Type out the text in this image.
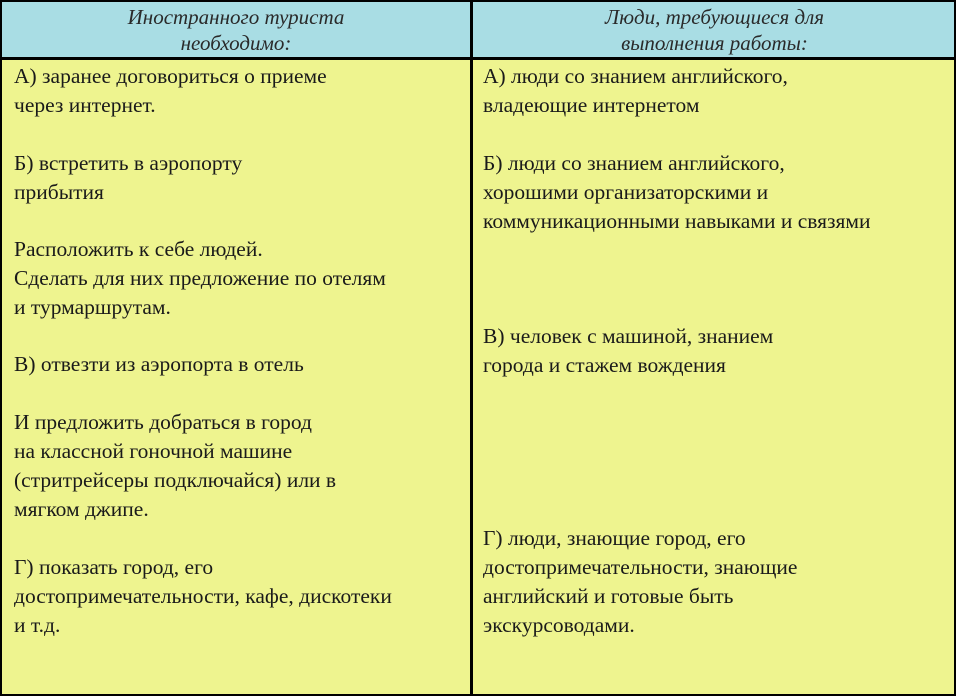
Иностранного туриста
необходимо:
Люди, требующиеся для
выполнения работы:

А) заранее договориться о приеме
через интернет.

Б) встретить в аэропорту
прибытия

Расположить к себе людей.
Сделать для них предложение по отелям
и турмаршрутам.

В) отвезти из аэропорта в отель

И предложить добраться в город
на классной гоночной машине
(стритрейсеры подключайся) или в
мягком джипе.

Г) показать город, его
достопримечательности, кафе, дискотеки
и т.д.

А) люди со знанием английского,
владеющие интернетом

Б) люди со знанием английского,
хорошими организаторскими и
коммуникационными навыками и связями

В) человек с машиной, знанием
города и стажем вождения

Г) люди, знающие город, его
достопримечательности, знающие
английский и готовые быть
экскурсоводами.
